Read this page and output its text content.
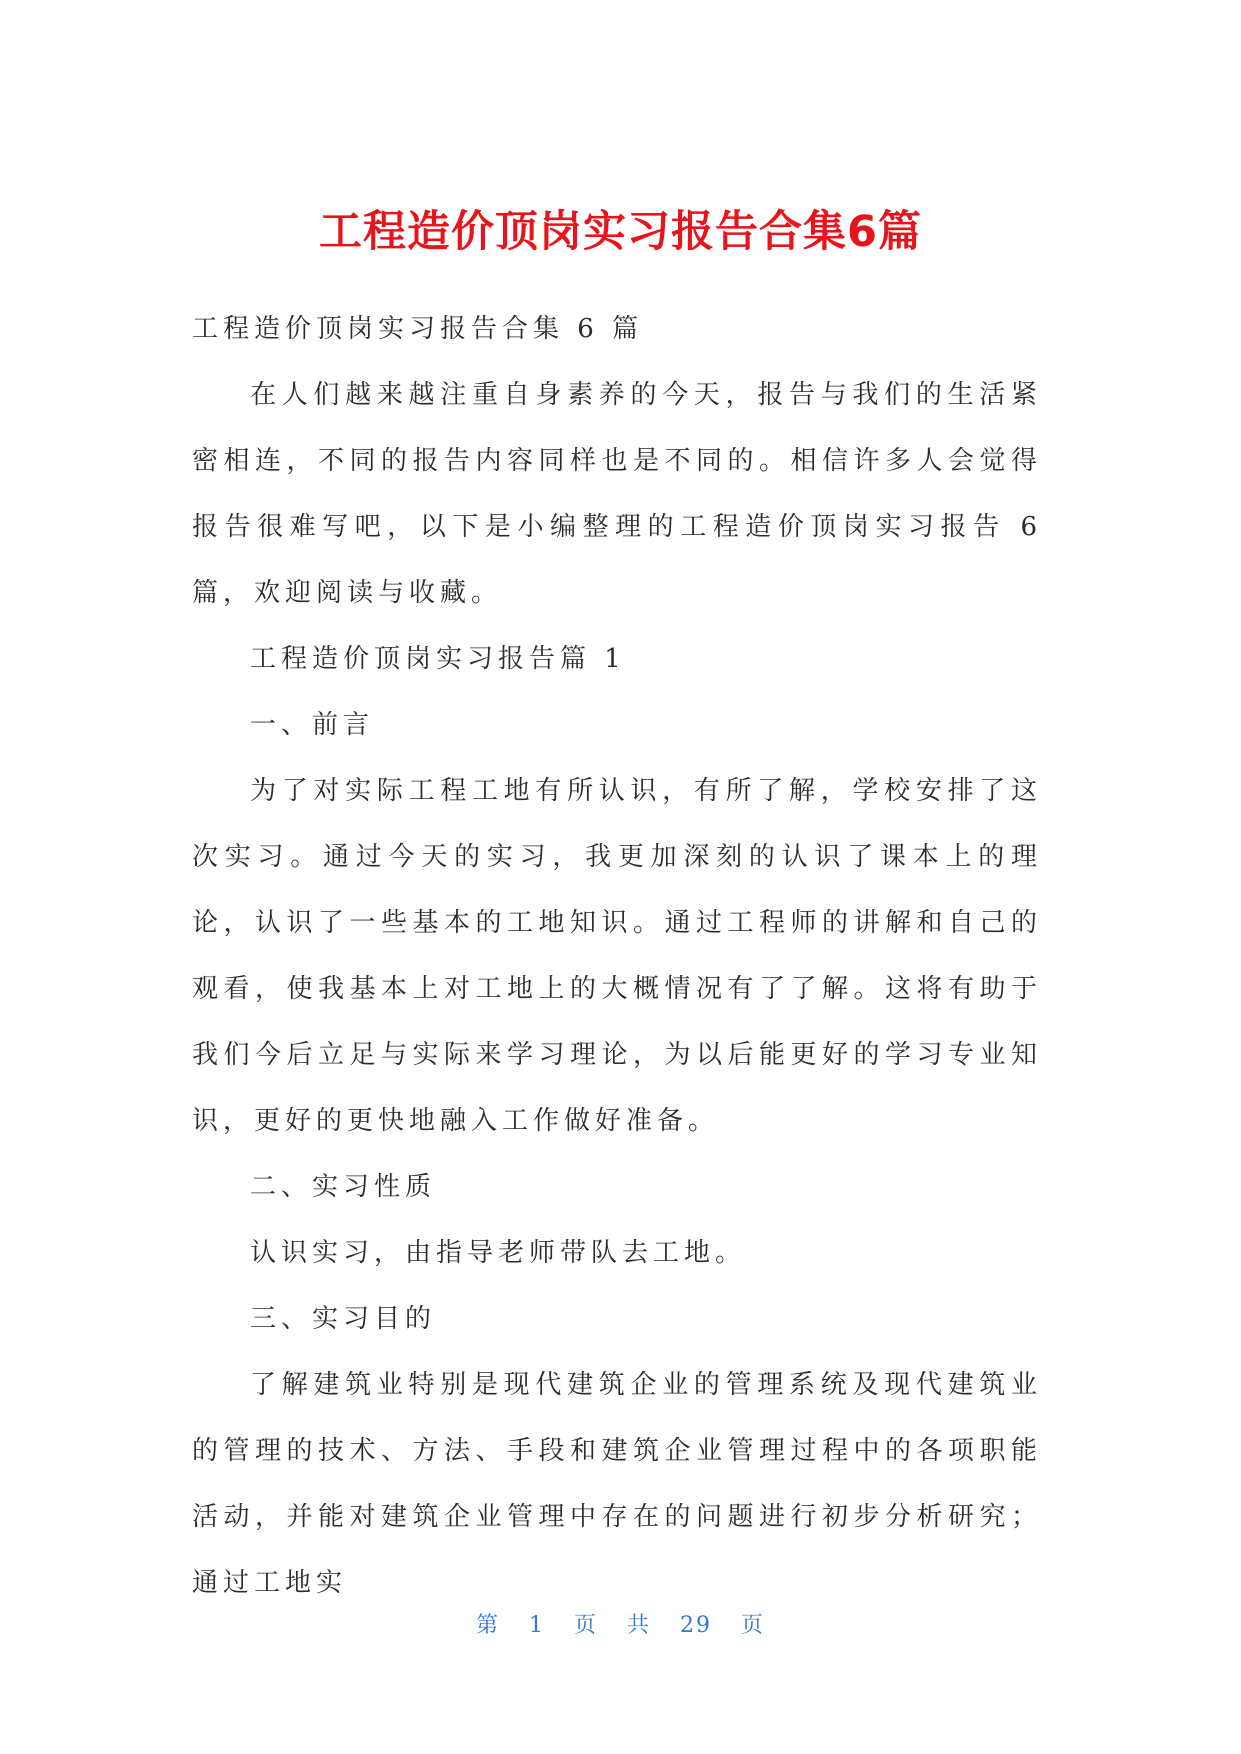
工程造价顶岗实习报告合集6篇

工程造价顶岗实习报告合集 6 篇

在人们越来越注重自身素养的今天，报告与我们的生活紧密相连，不同的报告内容同样也是不同的。相信许多人会觉得报告很难写吧，以下是小编整理的工程造价顶岗实习报告 6 篇，欢迎阅读与收藏。

工程造价顶岗实习报告篇 1

一、前言

为了对实际工程工地有所认识，有所了解，学校安排了这次实习。通过今天的实习，我更加深刻的认识了课本上的理论，认识了一些基本的工地知识。通过工程师的讲解和自己的观看，使我基本上对工地上的大概情况有了了解。这将有助于我们今后立足与实际来学习理论，为以后能更好的学习专业知识，更好的更快地融入工作做好准备。

二、实习性质

认识实习，由指导老师带队去工地。

三、实习目的

了解建筑业特别是现代建筑企业的管理系统及现代建筑业的管理的技术、方法、手段和建筑企业管理过程中的各项职能活动，并能对建筑企业管理中存在的问题进行初步分析研究；通过工地实

第 1 页 共 29 页
